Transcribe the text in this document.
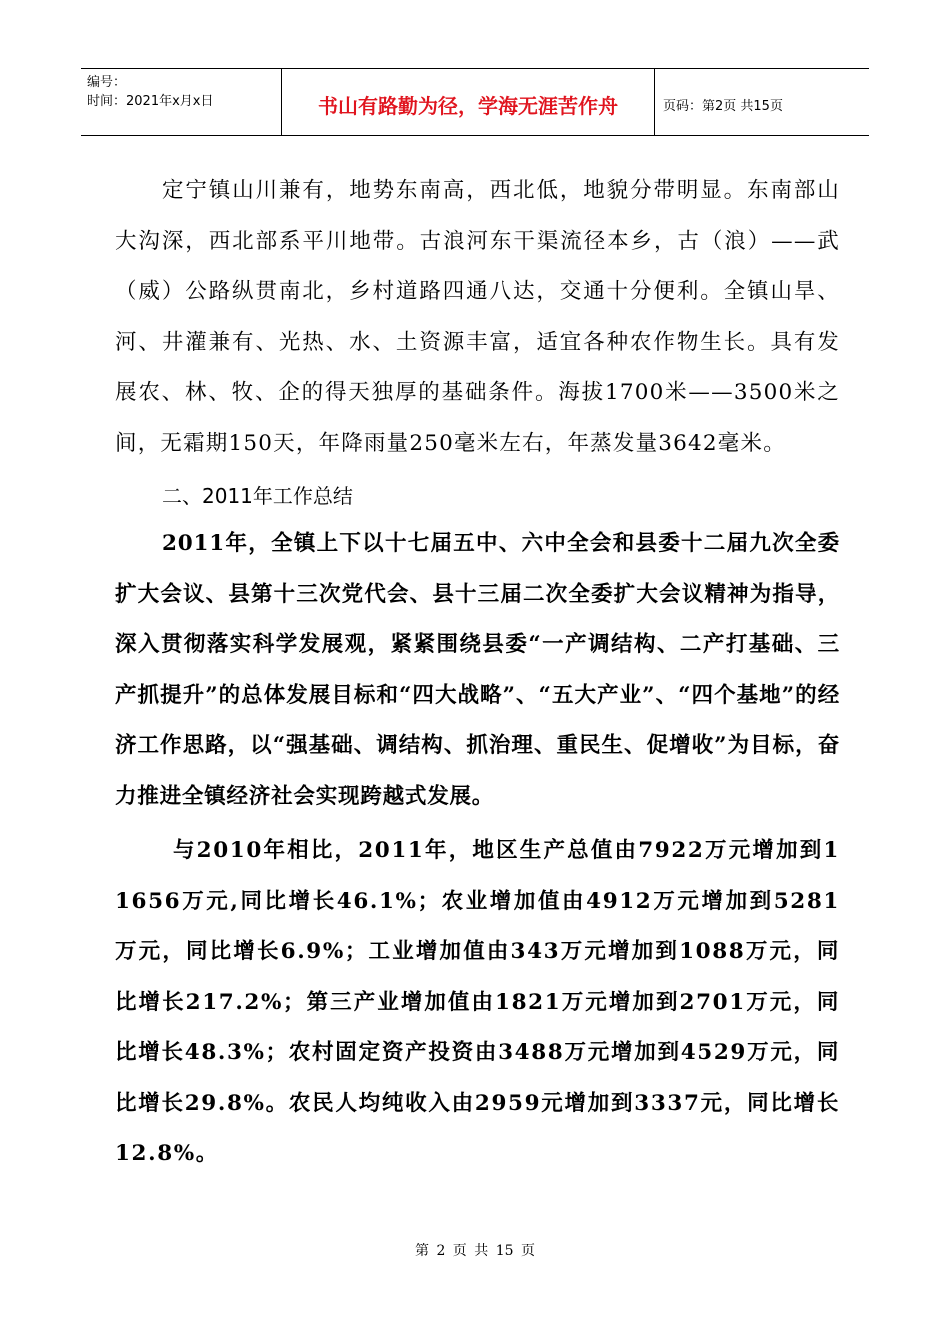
编号：
时间：2021年x月x日	书山有路勤为径，学海无涯苦作舟	页码：第2页 共15页

定宁镇山川兼有，地势东南高，西北低，地貌分带明显。东南部山大沟深，西北部系平川地带。古浪河东干渠流径本乡，古（浪）——武（威）公路纵贯南北，乡村道路四通八达，交通十分便利。全镇山旱、河、井灌兼有、光热、水、土资源丰富，适宜各种农作物生长。具有发展农、林、牧、企的得天独厚的基础条件。海拔1700米——3500米之间，无霜期150天，年降雨量250毫米左右，年蒸发量3642毫米。

二、2011年工作总结

2011年，全镇上下以十七届五中、六中全会和县委十二届九次全委扩大会议、县第十三次党代会、县十三届二次全委扩大会议精神为指导，深入贯彻落实科学发展观，紧紧围绕县委“一产调结构、二产打基础、三产抓提升”的总体发展目标和“四大战略”、“五大产业”、“四个基地”的经济工作思路，以“强基础、调结构、抓治理、重民生、促增收”为目标，奋力推进全镇经济社会实现跨越式发展。

与2010年相比，2011年，地区生产总值由7922万元增加到11656万元,同比增长46.1%；农业增加值由4912万元增加到5281万元，同比增长6.9%；工业增加值由343万元增加到1088万元，同比增长217.2%；第三产业增加值由1821万元增加到2701万元，同比增长48.3%；农村固定资产投资由3488万元增加到4529万元，同比增长29.8%。农民人均纯收入由2959元增加到3337元，同比增长12.8%。

第 2 页 共 15 页
